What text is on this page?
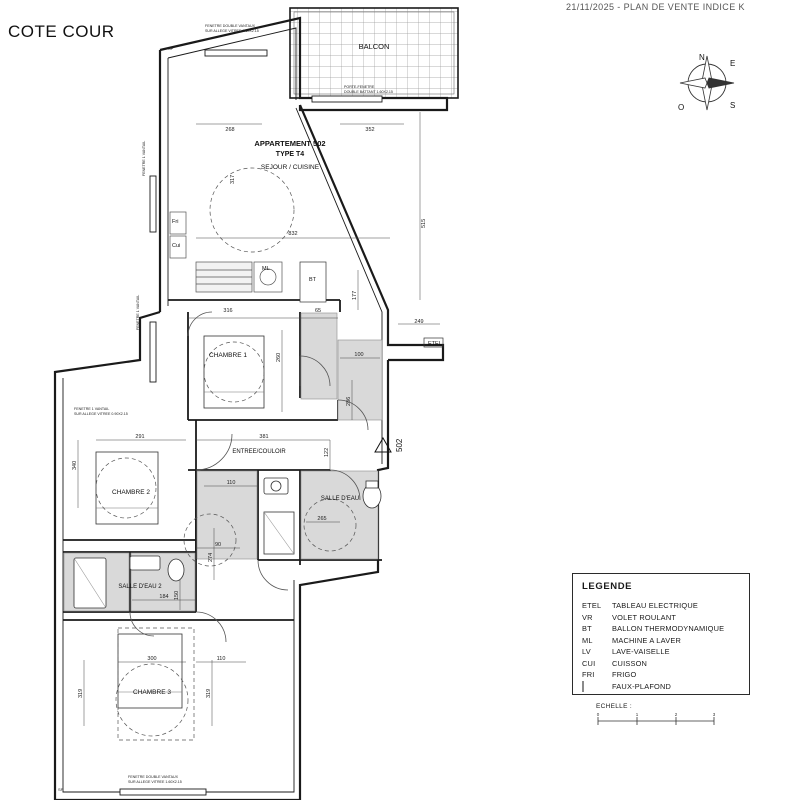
21/11/2025 - PLAN DE VENTE INDICE K
COTE COUR
BALCON
ML
BT
Fri
Cui
ETEL
502
APPARTEMENT 502
TYPE T4
SEJOUR / CUISINE
CHAMBRE 1
CHAMBRE 2
CHAMBRE 3
ENTREE/COULOIR
SALLE D'EAU
SALLE D'EAU 2
FENETRE DOUBLE VANTAUX
SUR ALLEGE VITREE 1.60X2.15
PORTE-FENETRE
DOUBLE BATTANT 1.60X2.15
FENETRE DOUBLE VANTAUX
SUR ALLEGE VITREE 1.60X2.15
FENETRE 1 VANTAIL
FENETRE 1 VANTAIL
FENETRE 1 VANTAIL
SUR ALLEGE VITREE 0.90X2.15
SP
SP
268	352
832
515
317
316	65
177
249
100
260
286
291	381
122
340
110
265
90
274
184 150
300	110
319	319
N
E
S
O
LEGENDE
ETEL	TABLEAU ELECTRIQUE
VR	VOLET ROULANT
BT	BALLON THERMODYNAMIQUE
ML	MACHINE A LAVER
LV	LAVE-VAISELLE
CUI	CUISSON
FRI	FRIGO
FAUX-PLAFOND
ECHELLE :
0	1	2	3
